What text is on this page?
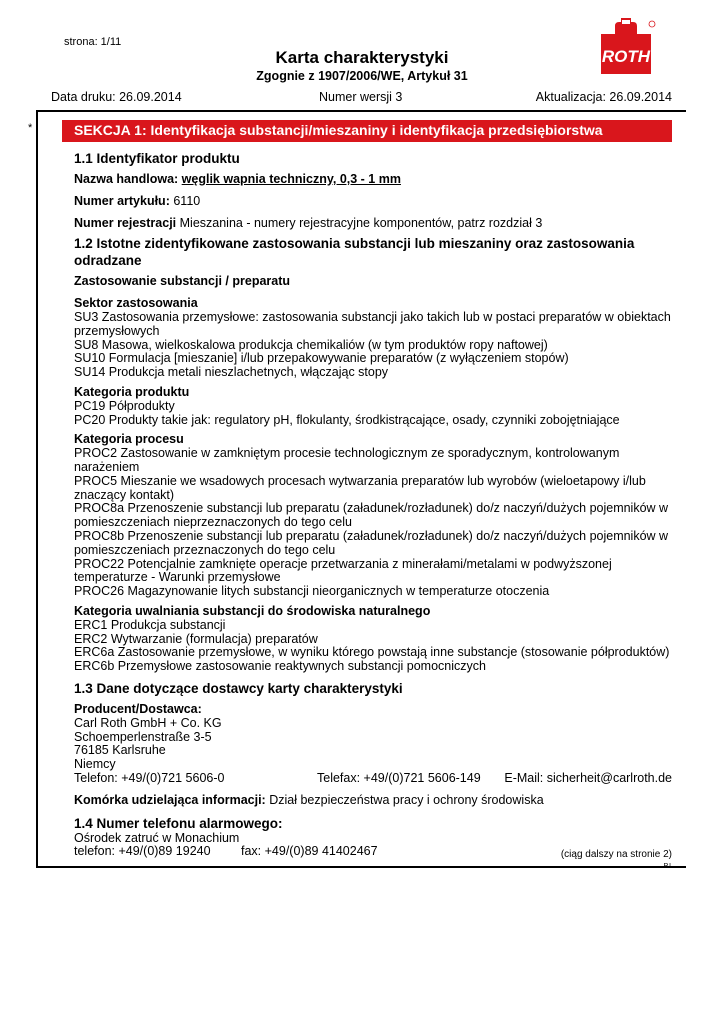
strona: 1/11
Karta charakterystyki
Zgognie z 1907/2006/WE, Artykuł 31
ROTH
Data druku: 26.09.2014	Numer wersji 3	Aktualizacja: 26.09.2014
*	SEKCJA 1: Identyfikacja substancji/mieszaniny i identyfikacja przedsiębiorstwa
1.1 Identyfikator produktu

Nazwa handlowa: węglik wapnia techniczny, 0,3 - 1 mm

Numer artykułu: 6110

Numer rejestracji Mieszanina - numery rejestracyjne komponentów, patrz rozdział 3

1.2 Istotne zidentyfikowane zastosowania substancji lub mieszaniny oraz zastosowania odradzane

Zastosowanie substancji / preparatu

Sektor zastosowania

SU3 Zastosowania przemysłowe: zastosowania substancji jako takich lub w postaci preparatów w obiektach przemysłowych

SU8 Masowa, wielkoskalowa produkcja chemikaliów (w tym produktów ropy naftowej)

SU10 Formulacja [mieszanie] i/lub przepakowywanie preparatów (z wyłączeniem stopów)

SU14 Produkcja metali nieszlachetnych, włączając stopy

Kategoria produktu

PC19 Półprodukty

PC20 Produkty takie jak: regulatory pH, flokulanty, środkistrącające, osady, czynniki zobojętniające

Kategoria procesu

PROC2 Zastosowanie w zamkniętym procesie technologicznym ze sporadycznym, kontrolowanym narażeniem

PROC5 Mieszanie we wsadowych procesach wytwarzania preparatów lub wyrobów (wieloetapowy i/lub znaczący kontakt)

PROC8a Przenoszenie substancji lub preparatu (załadunek/rozładunek) do/z naczyń/dużych pojemników w pomieszczeniach nieprzeznaczonych do tego celu

PROC8b Przenoszenie substancji lub preparatu (załadunek/rozładunek) do/z naczyń/dużych pojemników w pomieszczeniach przeznaczonych do tego celu

PROC22 Potencjalnie zamknięte operacje przetwarzania z minerałami/metalami w podwyższonej temperaturze - Warunki przemysłowe

PROC26 Magazynowanie litych substancji nieorganicznych w temperaturze otoczenia

Kategoria uwalniania substancji do środowiska naturalnego

ERC1 Produkcja substancji

ERC2 Wytwarzanie (formulacja) preparatów

ERC6a Zastosowanie przemysłowe, w wyniku którego powstają inne substancje (stosowanie półproduktów)

ERC6b Przemysłowe zastosowanie reaktywnych substancji pomocniczych

1.3 Dane dotyczące dostawcy karty charakterystyki

Producent/Dostawca:

Carl Roth GmbH + Co. KG

Schoemperlenstraße 3-5

76185 Karlsruhe

Niemcy

Telefon: +49/(0)721 5606-0	Telefax: +49/(0)721 5606-149 E-Mail: sicherheit@carlroth.de

Komórka udzielająca informacji: Dział bezpieczeństwa pracy i ochrony środowiska

1.4 Numer telefonu alarmowego:

Ośrodek zatruć w Monachium

telefon: +49/(0)89 19240 fax: +49/(0)89 41402467	(ciąg dalszy na stronie 2)
PL
